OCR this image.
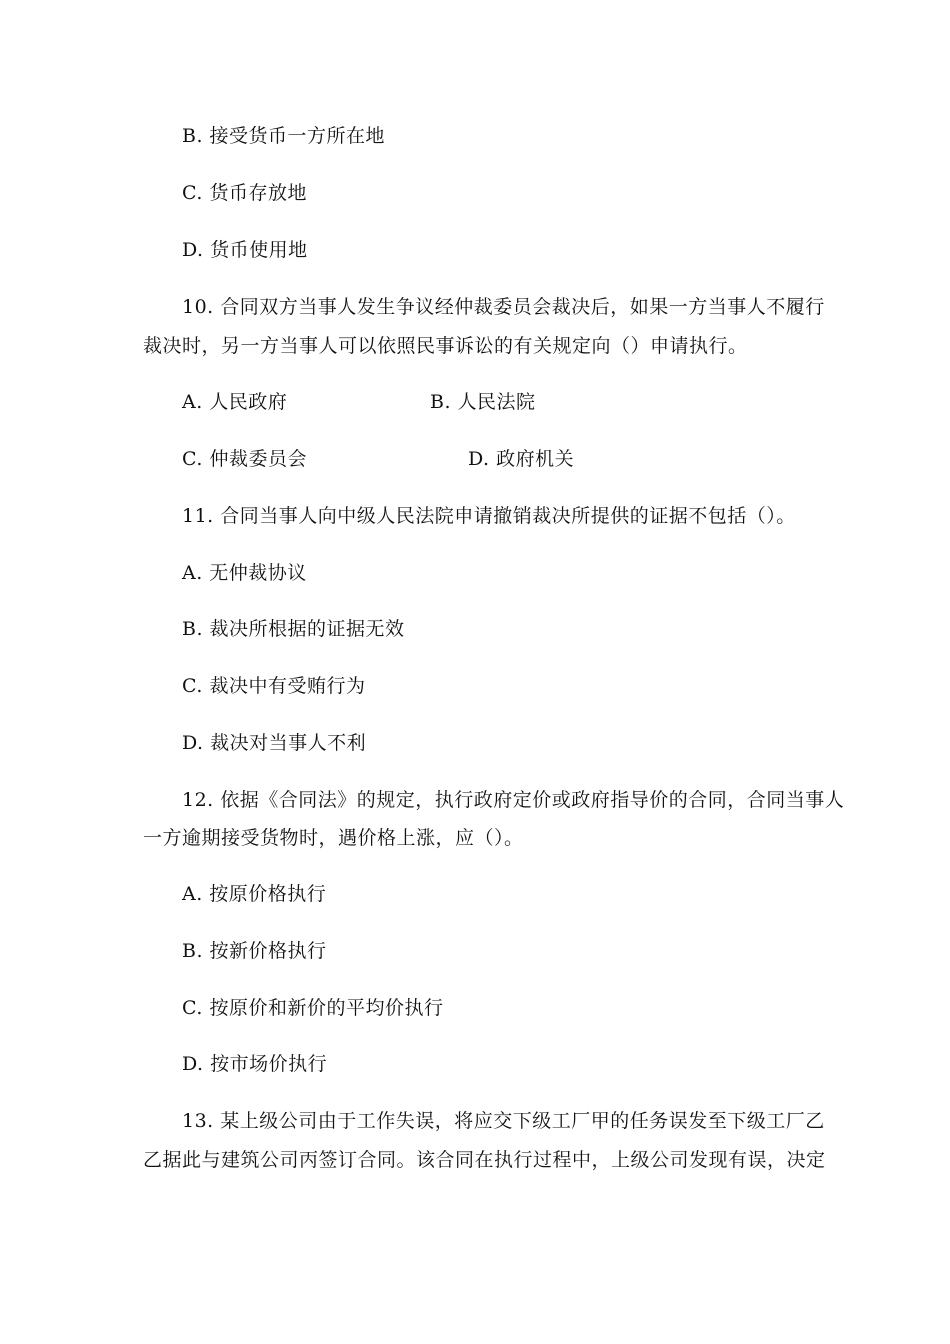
B. 接受货币一方所在地
C. 货币存放地
D. 货币使用地
10. 合同双方当事人发生争议经仲裁委员会裁决后，如果一方当事人不履行
裁决时，另一方当事人可以依照民事诉讼的有关规定向（）申请执行。
A. 人民政府	B. 人民法院
C. 仲裁委员会	D. 政府机关
11. 合同当事人向中级人民法院申请撤销裁决所提供的证据不包括（）。
A. 无仲裁协议
B. 裁决所根据的证据无效
C. 裁决中有受贿行为
D. 裁决对当事人不利
12. 依据《合同法》的规定，执行政府定价或政府指导价的合同，合同当事人
一方逾期接受货物时，遇价格上涨，应（）。
A. 按原价格执行
B. 按新价格执行
C. 按原价和新价的平均价执行
D. 按市场价执行
13. 某上级公司由于工作失误，将应交下级工厂甲的任务误发至下级工厂乙
乙据此与建筑公司丙签订合同。该合同在执行过程中，上级公司发现有误，决定
